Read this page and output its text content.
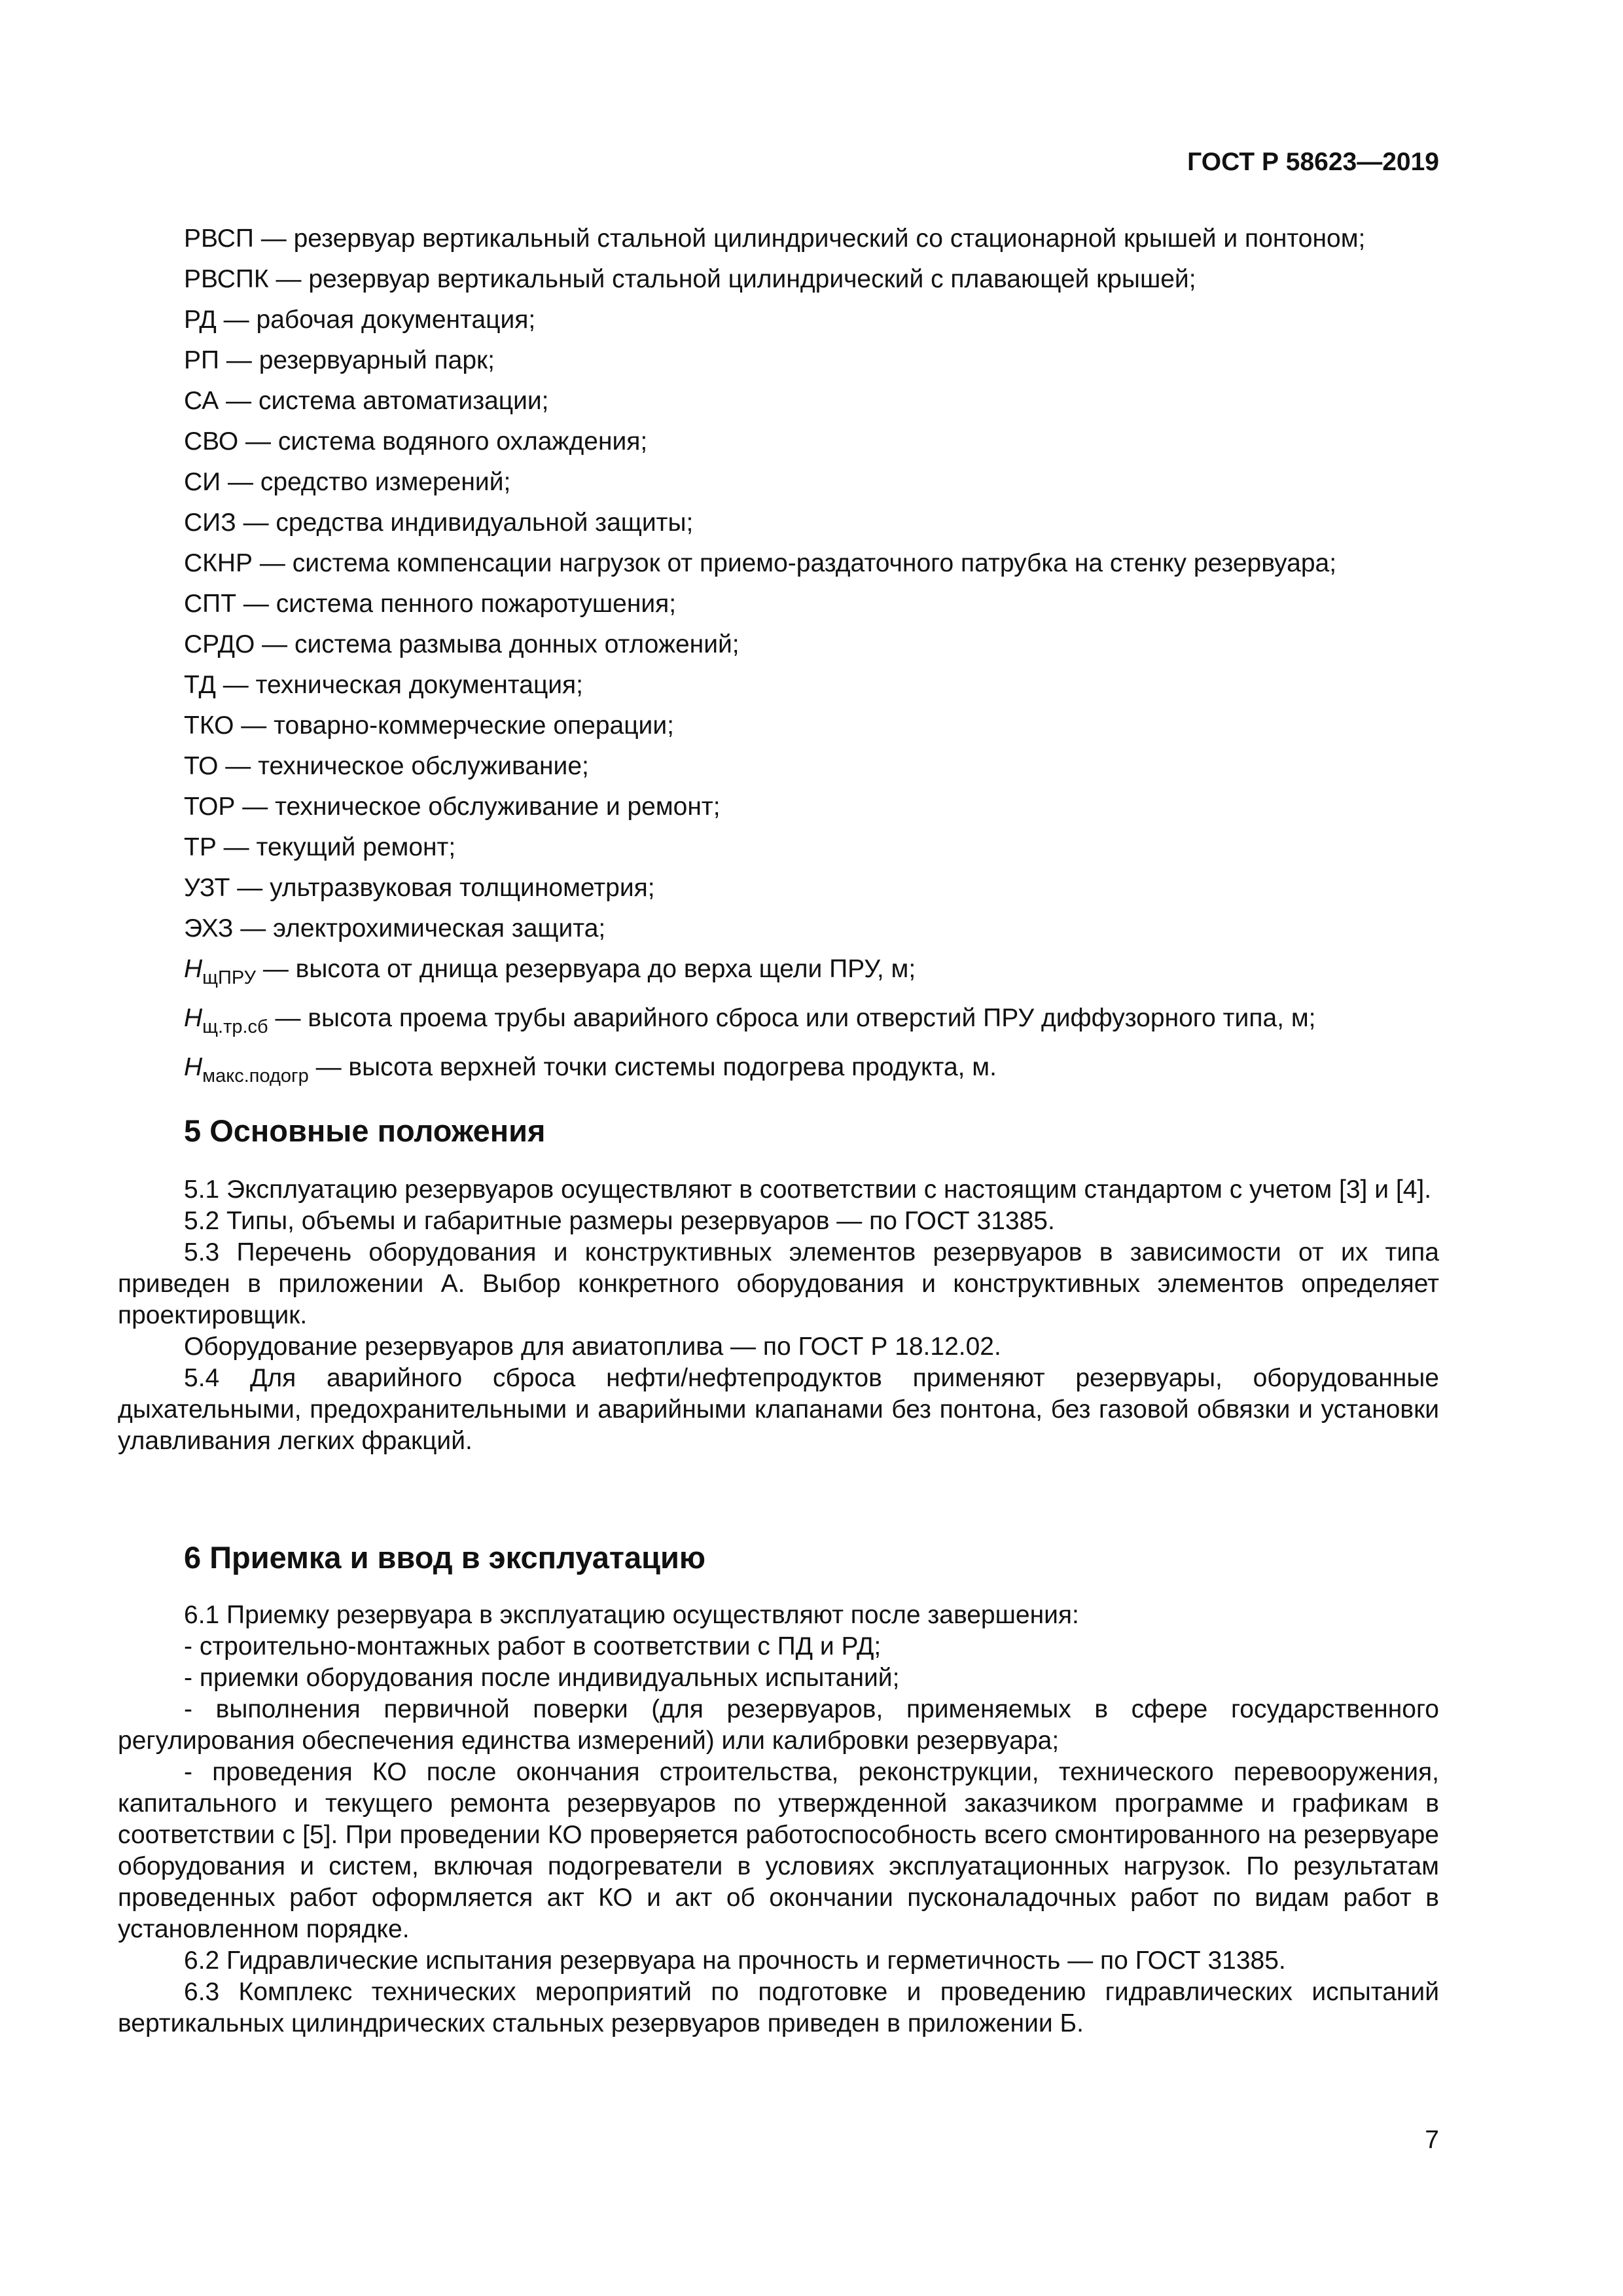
ГОСТ Р 58623—2019
РВСП — резервуар вертикальный стальной цилиндрический со стационарной крышей и понтоном;
РВСПК — резервуар вертикальный стальной цилиндрический с плавающей крышей;
РД — рабочая документация;
РП — резервуарный парк;
СА — система автоматизации;
СВО — система водяного охлаждения;
СИ — средство измерений;
СИЗ — средства индивидуальной защиты;
СКНР — система компенсации нагрузок от приемо-раздаточного патрубка на стенку резервуара;
СПТ — система пенного пожаротушения;
СРДО — система размыва донных отложений;
ТД — техническая документация;
ТКО — товарно-коммерческие операции;
ТО — техническое обслуживание;
ТОР — техническое обслуживание и ремонт;
ТР — текущий ремонт;
УЗТ — ультразвуковая толщинометрия;
ЭХЗ — электрохимическая защита;
$H_{щПРУ}$ — высота от днища резервуара до верха щели ПРУ, м;
$H_{щ.тр.сб}$ — высота проема трубы аварийного сброса или отверстий ПРУ диффузорного типа, м;
$H_{макс.подогр}$ — высота верхней точки системы подогрева продукта, м.
5 Основные положения

5.1 Эксплуатацию резервуаров осуществляют в соответствии с настоящим стандартом с учетом [3] и [4].

5.2 Типы, объемы и габаритные размеры резервуаров — по ГОСТ 31385.

5.3 Перечень оборудования и конструктивных элементов резервуаров в зависимости от их типа приведен в приложении А. Выбор конкретного оборудования и конструктивных элементов определяет проектировщик.

Оборудование резервуаров для авиатоплива — по ГОСТ Р 18.12.02.

5.4 Для аварийного сброса нефти/нефтепродуктов применяют резервуары, оборудованные дыхательными, предохранительными и аварийными клапанами без понтона, без газовой обвязки и установки улавливания легких фракций.

6 Приемка и ввод в эксплуатацию

6.1 Приемку резервуара в эксплуатацию осуществляют после завершения:

- строительно-монтажных работ в соответствии с ПД и РД;

- приемки оборудования после индивидуальных испытаний;

- выполнения первичной поверки (для резервуаров, применяемых в сфере государственного регулирования обеспечения единства измерений) или калибровки резервуара;

- проведения КО после окончания строительства, реконструкции, технического перевооружения, капитального и текущего ремонта резервуаров по утвержденной заказчиком программе и графикам в соответствии с [5]. При проведении КО проверяется работоспособность всего смонтированного на резервуаре оборудования и систем, включая подогреватели в условиях эксплуатационных нагрузок. По результатам проведенных работ оформляется акт КО и акт об окончании пусконаладочных работ по видам работ в установленном порядке.

6.2 Гидравлические испытания резервуара на прочность и герметичность — по ГОСТ 31385.

6.3 Комплекс технических мероприятий по подготовке и проведению гидравлических испытаний вертикальных цилиндрических стальных резервуаров приведен в приложении Б.

7
